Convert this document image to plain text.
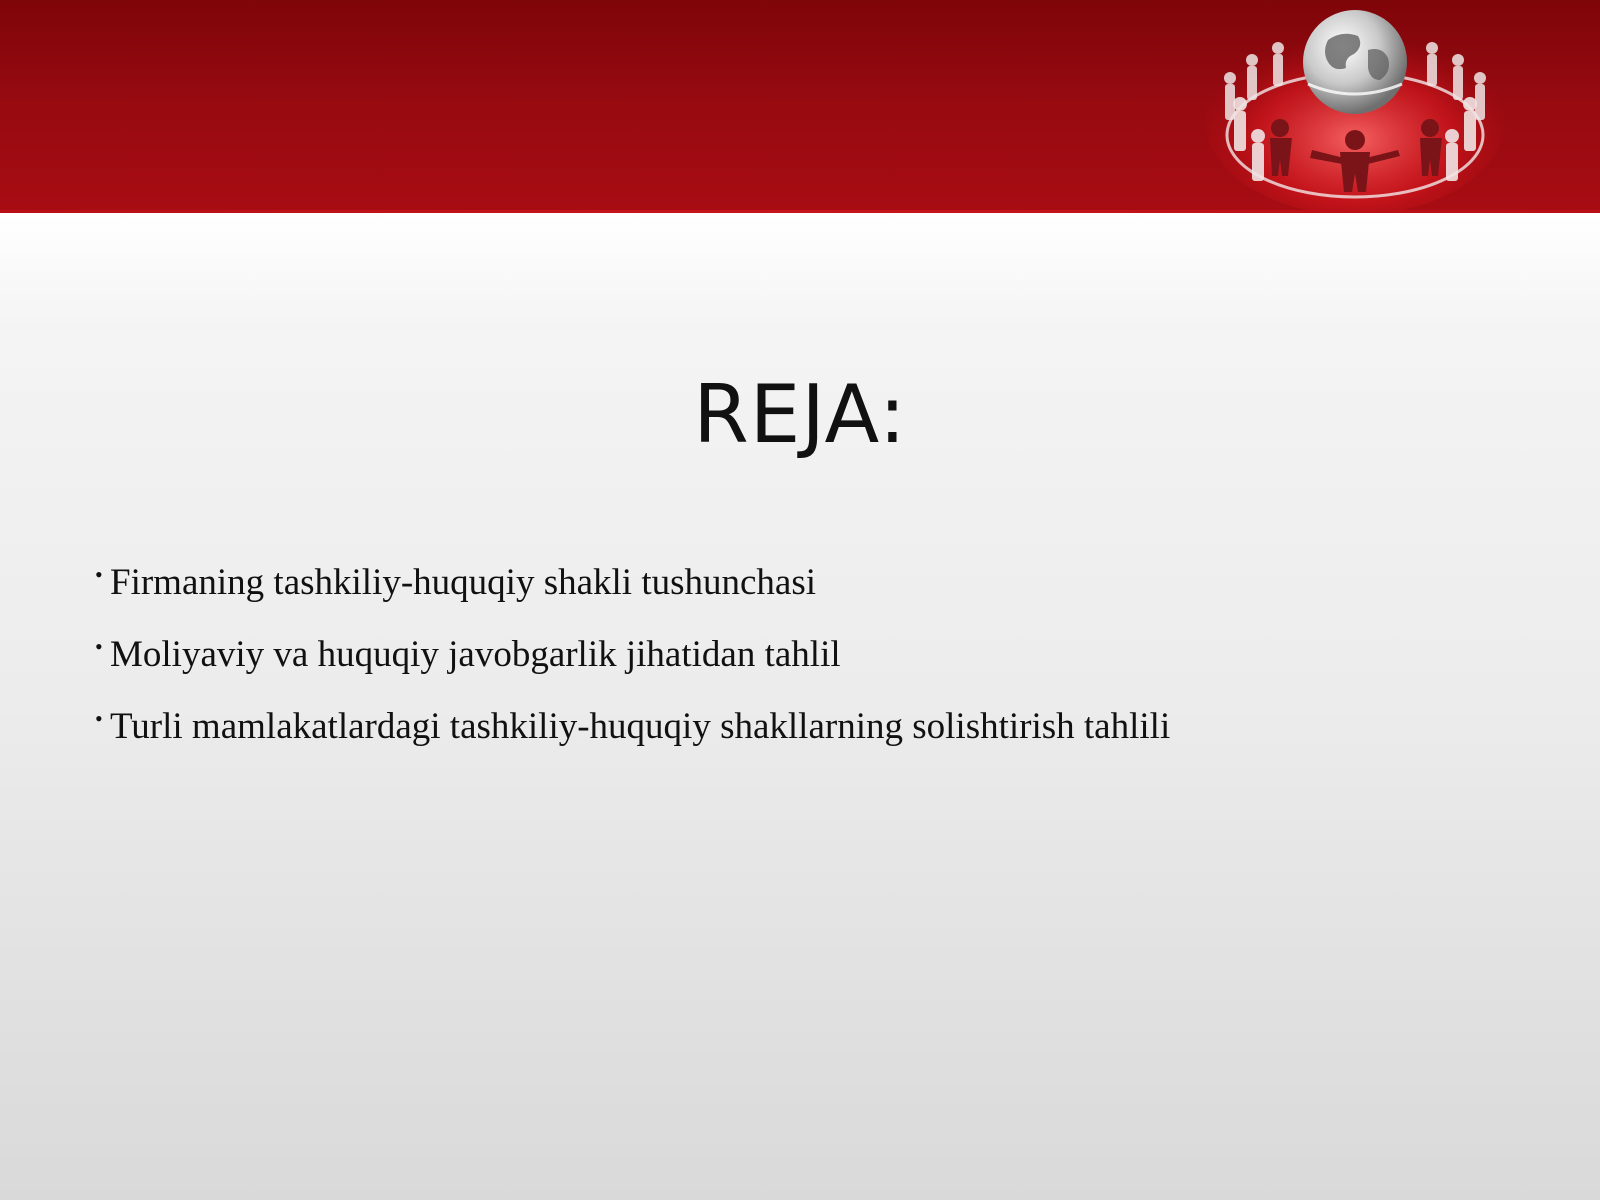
REJA:
• Firmaning tashkiliy-huquqiy shakli tushunchasi
• Moliyaviy va huquqiy javobgarlik jihatidan tahlil
• Turli mamlakatlardagi tashkiliy-huquqiy shakllarning solishtirish tahlili
